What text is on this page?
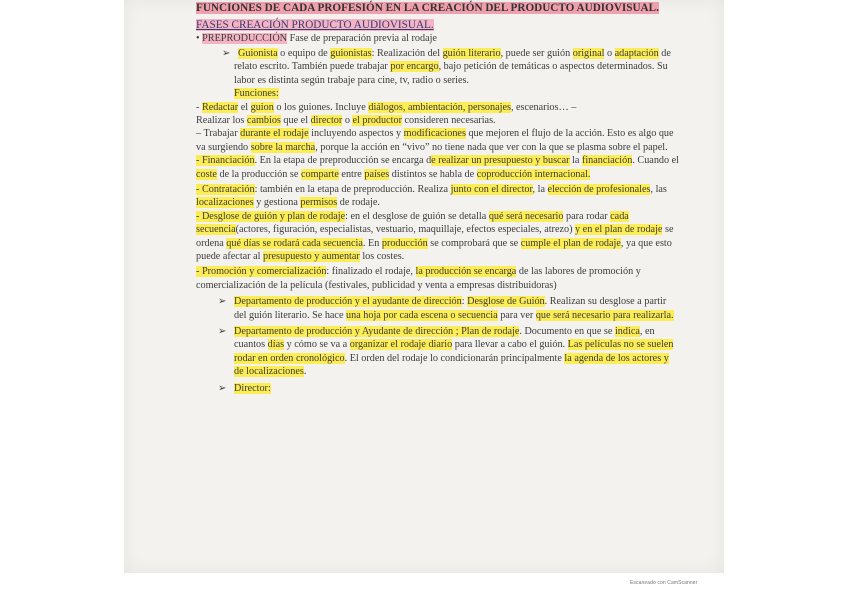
FUNCIONES DE CADA PROFESIÓN EN LA CREACIÓN DEL PRODUCTO AUDIOVISUAL.

FASES CREACIÓN PRODUCTO AUDIOVISUAL.

• PREPRODUCCIÓN Fase de preparación previa al rodaje

➢ Guionista o equipo de guionistas: Realización del guión literario, puede ser guión original o adaptación de relato escrito. También puede trabajar por encargo, bajo petición de temáticas o aspectos determinados. Su labor es distinta según trabaje para cine, tv, radio o series.

Funciones:

- Redactar el guion o los guiones. Incluye diálogos, ambientación, personajes, escenarios… –
Realizar los cambios que el director o el productor consideren necesarias.

– Trabajar durante el rodaje incluyendo aspectos y modificaciones que mejoren el flujo de la acción. Esto es algo que va surgiendo sobre la marcha, porque la acción en “vivo” no tiene nada que ver con la que se plasma sobre el papel.

- Financiación. En la etapa de preproducción se encarga de realizar un presupuesto y buscar la financiación. Cuando el coste de la producción se comparte entre países distintos se habla de coproducción internacional.

- Contratación: también en la etapa de preproducción. Realiza junto con el director, la elección de profesionales, las localizaciones y gestiona permisos de rodaje.

- Desglose de guión y plan de rodaje: en el desglose de guión se detalla qué será necesario para rodar cada secuencia(actores, figuración, especialistas, vestuario, maquillaje, efectos especiales, atrezo) y en el plan de rodaje se ordena qué días se rodará cada secuencia. En producción se comprobará que se cumple el plan de rodaje, ya que esto puede afectar al presupuesto y aumentar los costes.

- Promoción y comercialización: finalizado el rodaje, la producción se encarga de las labores de promoción y comercialización de la película (festivales, publicidad y venta a empresas distribuidoras)

➢ Departamento de producción y el ayudante de dirección: Desglose de Guión. Realizan su desglose a partir del guión literario. Se hace una hoja por cada escena o secuencia para ver que será necesario para realizarla.

➢ Departamento de producción y Ayudante de dirección ; Plan de rodaje. Documento en que se indica, en cuantos días y cómo se va a organizar el rodaje diario para llevar a cabo el guión. Las películas no se suelen rodar en orden cronológico. El orden del rodaje lo condicionarán principalmente la agenda de los actores y de localizaciones.

➢ Director:

Escaneado con CamScanner
